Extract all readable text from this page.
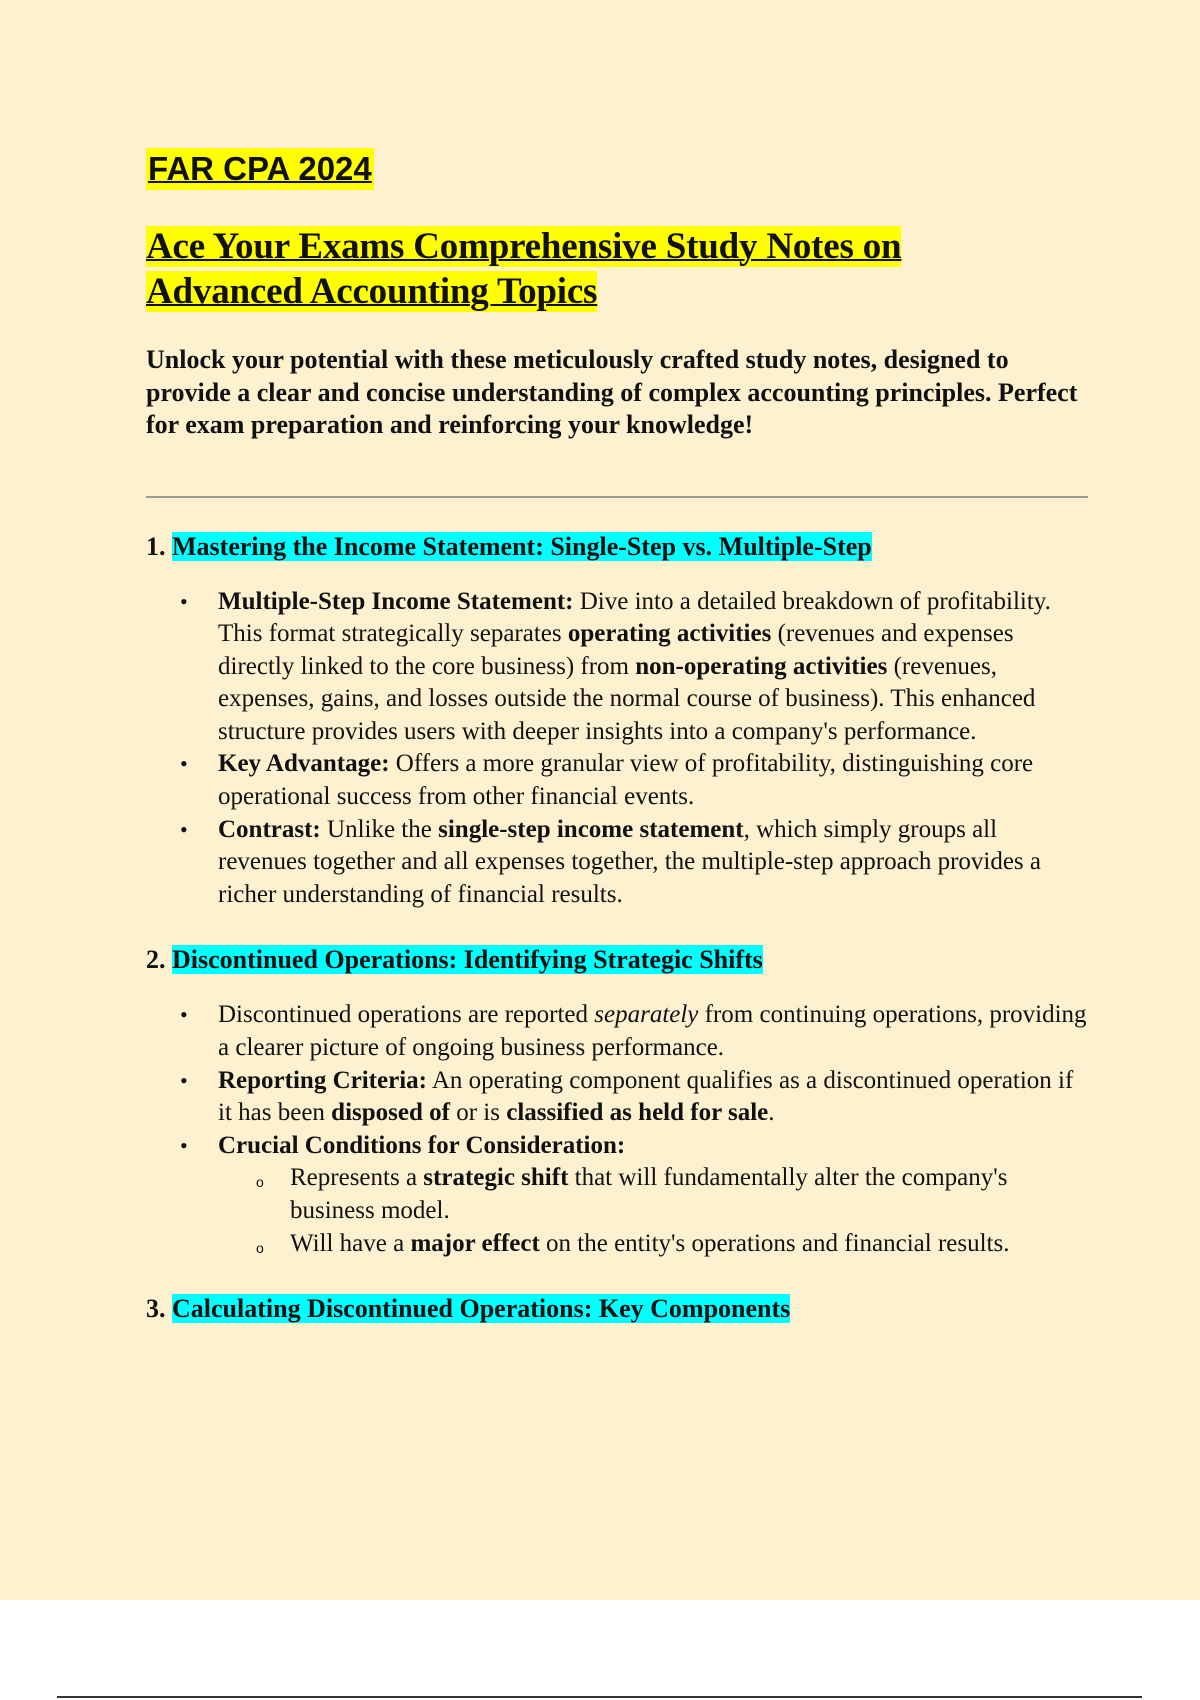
FAR CPA 2024
Ace Your Exams Comprehensive Study Notes on
Advanced Accounting Topics

Unlock your potential with these meticulously crafted study notes, designed to provide a clear and concise understanding of complex accounting principles. Perfect for exam preparation and reinforcing your knowledge!

1. Mastering the Income Statement: Single-Step vs. Multiple-Step
• Multiple-Step Income Statement: Dive into a detailed breakdown of profitability. This format strategically separates operating activities (revenues and expenses directly linked to the core business) from non-operating activities (revenues, expenses, gains, and losses outside the normal course of business). This enhanced structure provides users with deeper insights into a company's performance.
• Key Advantage: Offers a more granular view of profitability, distinguishing core operational success from other financial events.
• Contrast: Unlike the single-step income statement, which simply groups all revenues together and all expenses together, the multiple-step approach provides a richer understanding of financial results.
2. Discontinued Operations: Identifying Strategic Shifts
• Discontinued operations are reported separately from continuing operations, providing a clearer picture of ongoing business performance.
• Reporting Criteria: An operating component qualifies as a discontinued operation if it has been disposed of or is classified as held for sale.
• Crucial Conditions for Consideration:
o Represents a strategic shift that will fundamentally alter the company's business model.
o Will have a major effect on the entity's operations and financial results.
3. Calculating Discontinued Operations: Key Components
